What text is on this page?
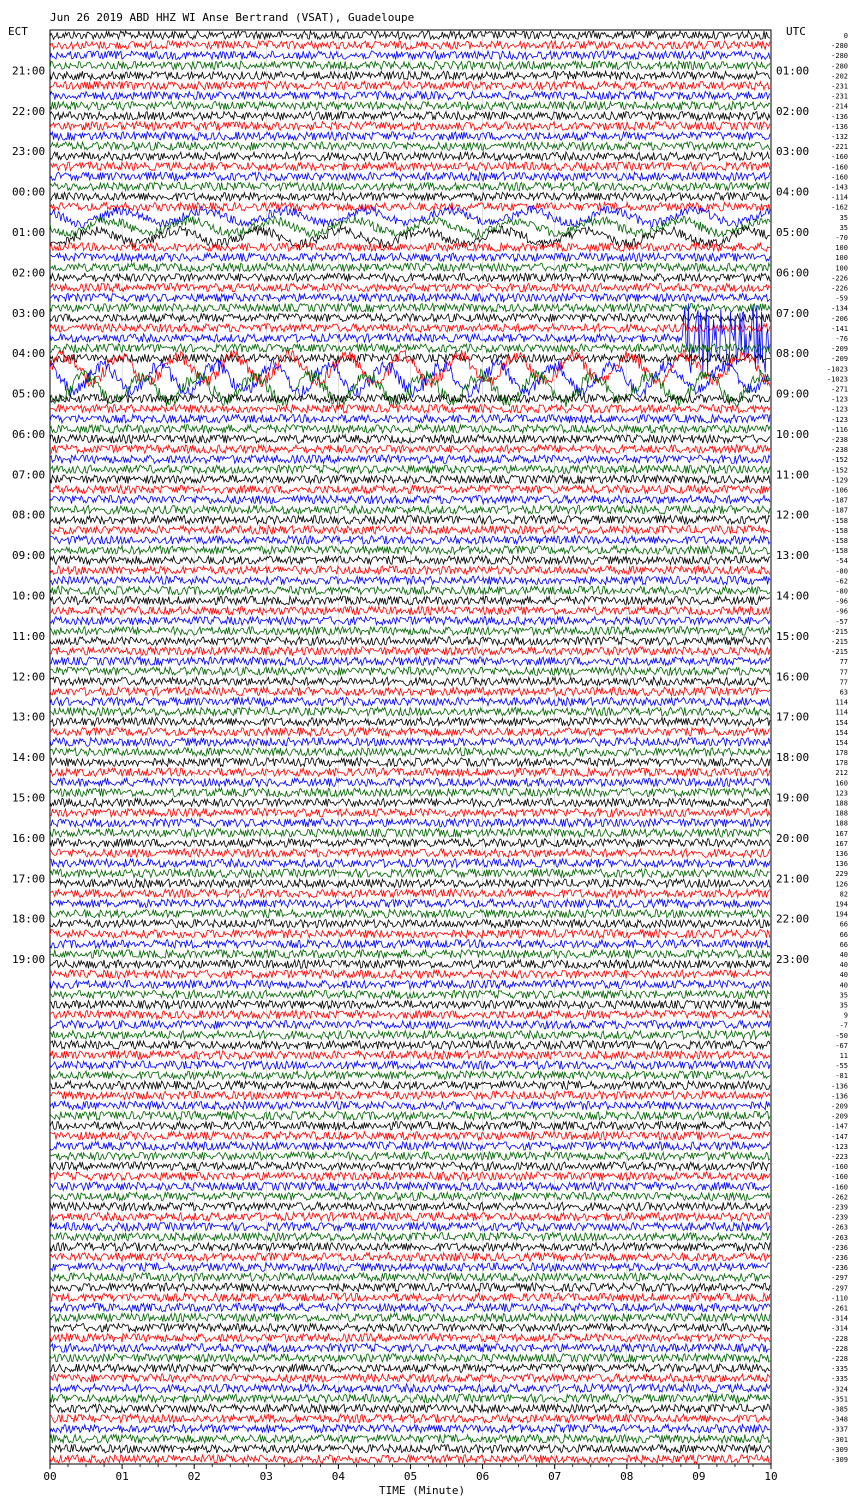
Jun 26 2019 ABD HHZ WI Anse Bertrand (VSAT), Guadeloupe
ECT	UTC
21:00
22:00
23:00
00:00
01:00
02:00
03:00
04:00
05:00
06:00
07:00
08:00
09:00
10:00
11:00
12:00
13:00
14:00
15:00
16:00
17:00
18:00
19:00
01:00
02:00
03:00
04:00
05:00
06:00
07:00
08:00
09:00
10:00
11:00
12:00
13:00
14:00
15:00
16:00
17:00
18:00
19:00
20:00
21:00
22:00
23:00
0
-280
-280
-280
-202
-231
-231
-214
-136
-136
-132
-221
-160
-160
-160
-143
-114
-162
35
35
-70
100
100
100
-226
-226
-59
-134
-206
-141
-76
-209
-209
-1023
-1023
-271
-123
-123
-123
-116
-238
-238
-152
-152
-129
-106
-187
-187
-158
-158
-158
-158
-54
-80
-62
-80
-96
-96
-57
-215
-215
-215
77
77
77
63
114
114
154
154
154
178
178
212
160
123
188
188
188
167
167
136
136
229
126
82
194
194
66
66
66
40
40
40
40
35
35
9
-7
-50
-67
11
-55
-81
-136
-136
-209
-209
-147
-147
-123
-223
-160
-160
-160
-262
-239
-239
-263
-263
-236
-236
-236
-297
-297
-110
-261
-314
-314
-228
-228
-228
-335
-335
-324
-351
-385
-348
-337
-301
-309
-309
00	01	02	03	04	05	06	07	08	09	10
TIME (Minute)
